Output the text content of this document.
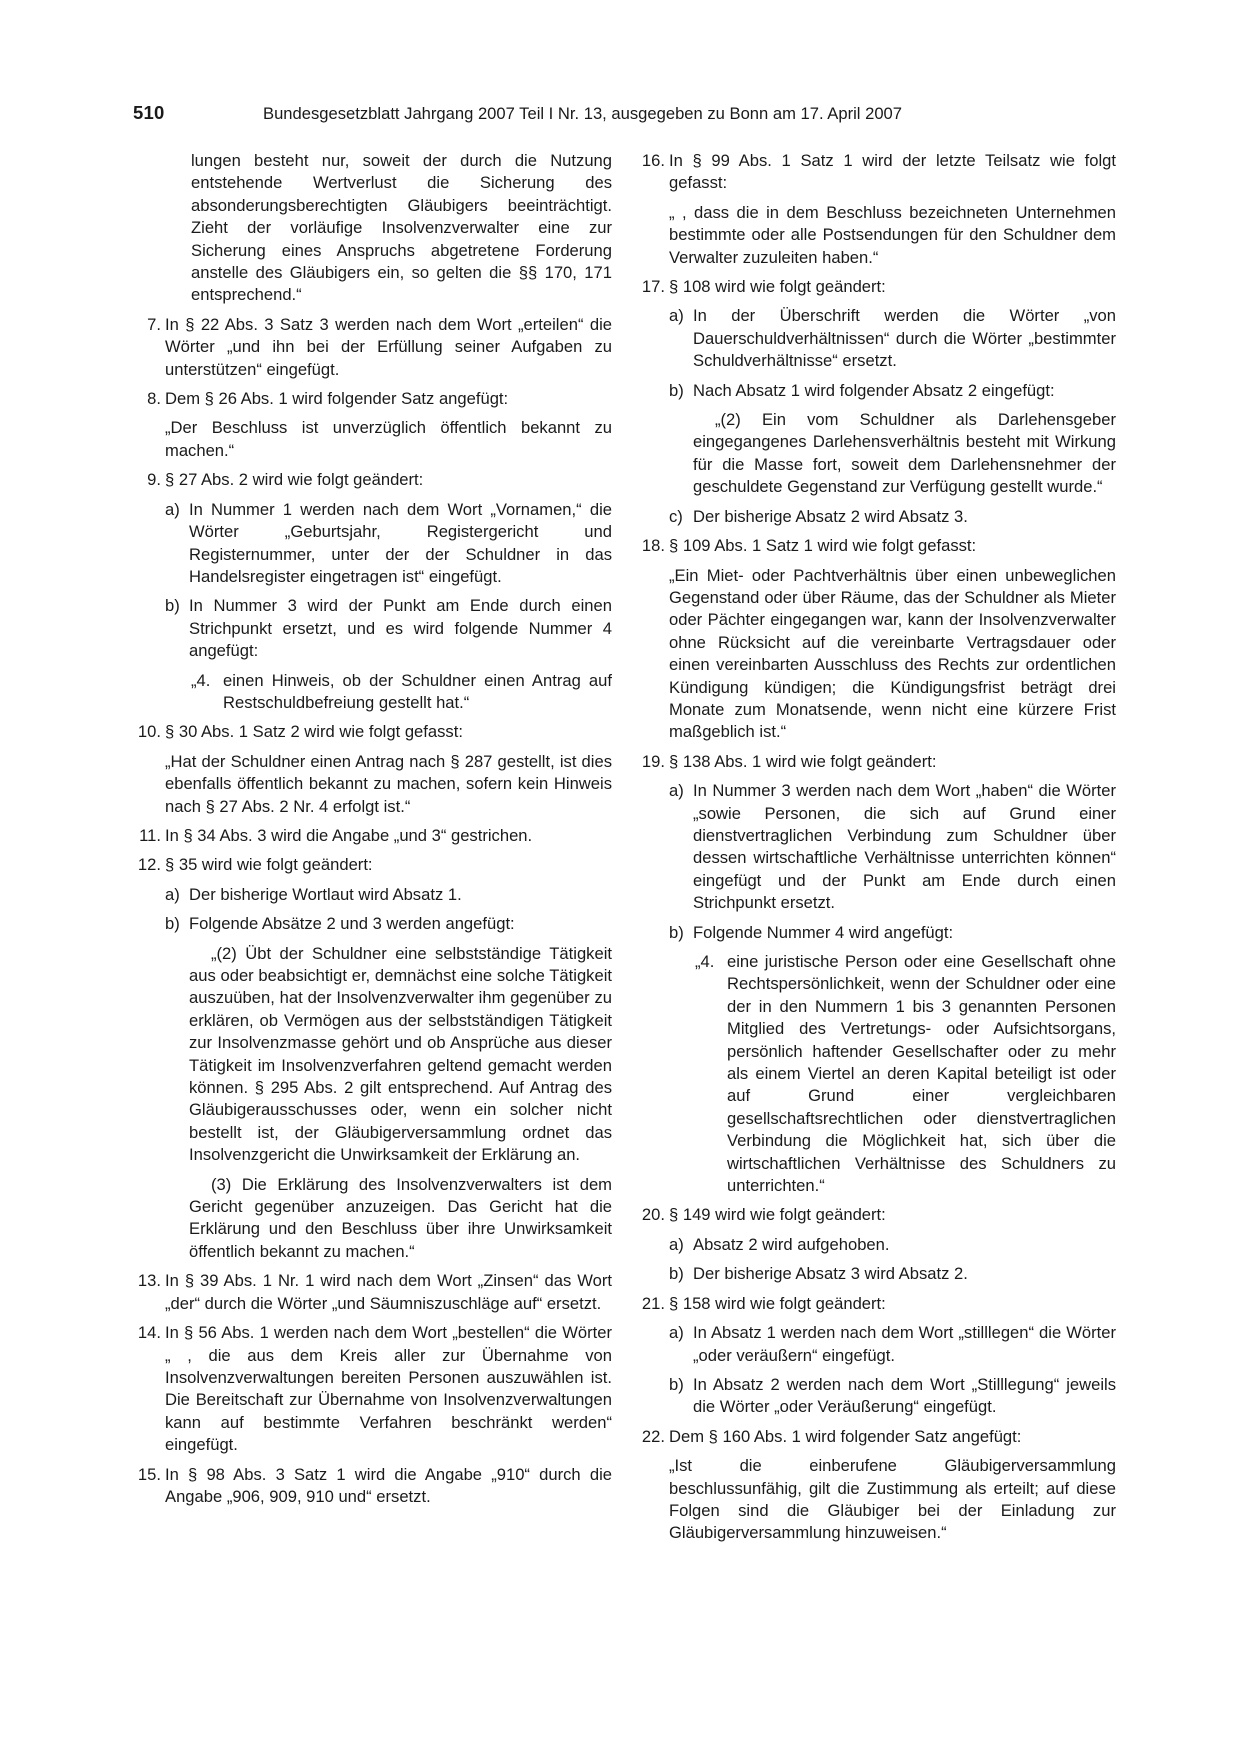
510	Bundesgesetzblatt Jahrgang 2007 Teil I Nr. 13, ausgegeben zu Bonn am 17. April 2007

lungen besteht nur, soweit der durch die Nutzung entstehende Wertverlust die Sicherung des absonderungsberechtigten Gläubigers beeinträchtigt. Zieht der vorläufige Insolvenzverwalter eine zur Sicherung eines Anspruchs abgetretene Forderung anstelle des Gläubigers ein, so gelten die §§ 170, 171 entsprechend.“

7. In § 22 Abs. 3 Satz 3 werden nach dem Wort „erteilen“ die Wörter „und ihn bei der Erfüllung seiner Aufgaben zu unterstützen“ eingefügt.

8. Dem § 26 Abs. 1 wird folgender Satz angefügt:

„Der Beschluss ist unverzüglich öffentlich bekannt zu machen.“

9. § 27 Abs. 2 wird wie folgt geändert:

a) In Nummer 1 werden nach dem Wort „Vornamen,“ die Wörter „Geburtsjahr, Registergericht und Registernummer, unter der der Schuldner in das Handelsregister eingetragen ist“ eingefügt.

b) In Nummer 3 wird der Punkt am Ende durch einen Strichpunkt ersetzt, und es wird folgende Nummer 4 angefügt:

„4. einen Hinweis, ob der Schuldner einen Antrag auf Restschuldbefreiung gestellt hat.“

10. § 30 Abs. 1 Satz 2 wird wie folgt gefasst:

„Hat der Schuldner einen Antrag nach § 287 gestellt, ist dies ebenfalls öffentlich bekannt zu machen, sofern kein Hinweis nach § 27 Abs. 2 Nr. 4 erfolgt ist.“

11. In § 34 Abs. 3 wird die Angabe „und 3“ gestrichen.

12. § 35 wird wie folgt geändert:

a) Der bisherige Wortlaut wird Absatz 1.

b) Folgende Absätze 2 und 3 werden angefügt:

„(2) Übt der Schuldner eine selbstständige Tätigkeit aus oder beabsichtigt er, demnächst eine solche Tätigkeit auszuüben, hat der Insolvenzverwalter ihm gegenüber zu erklären, ob Vermögen aus der selbstständigen Tätigkeit zur Insolvenzmasse gehört und ob Ansprüche aus dieser Tätigkeit im Insolvenzverfahren geltend gemacht werden können. § 295 Abs. 2 gilt entsprechend. Auf Antrag des Gläubigerausschusses oder, wenn ein solcher nicht bestellt ist, der Gläubigerversammlung ordnet das Insolvenzgericht die Unwirksamkeit der Erklärung an.

(3) Die Erklärung des Insolvenzverwalters ist dem Gericht gegenüber anzuzeigen. Das Gericht hat die Erklärung und den Beschluss über ihre Unwirksamkeit öffentlich bekannt zu machen.“

13. In § 39 Abs. 1 Nr. 1 wird nach dem Wort „Zinsen“ das Wort „der“ durch die Wörter „und Säumniszuschläge auf“ ersetzt.

14. In § 56 Abs. 1 werden nach dem Wort „bestellen“ die Wörter „ , die aus dem Kreis aller zur Übernahme von Insolvenzverwaltungen bereiten Personen auszuwählen ist. Die Bereitschaft zur Übernahme von Insolvenzverwaltungen kann auf bestimmte Verfahren beschränkt werden“ eingefügt.

15. In § 98 Abs. 3 Satz 1 wird die Angabe „910“ durch die Angabe „906, 909, 910 und“ ersetzt.

16. In § 99 Abs. 1 Satz 1 wird der letzte Teilsatz wie folgt gefasst:

„ , dass die in dem Beschluss bezeichneten Unternehmen bestimmte oder alle Postsendungen für den Schuldner dem Verwalter zuzuleiten haben.“

17. § 108 wird wie folgt geändert:

a) In der Überschrift werden die Wörter „von Dauerschuldverhältnissen“ durch die Wörter „bestimmter Schuldverhältnisse“ ersetzt.

b) Nach Absatz 1 wird folgender Absatz 2 eingefügt:

„(2) Ein vom Schuldner als Darlehensgeber eingegangenes Darlehensverhältnis besteht mit Wirkung für die Masse fort, soweit dem Darlehensnehmer der geschuldete Gegenstand zur Verfügung gestellt wurde.“

c) Der bisherige Absatz 2 wird Absatz 3.

18. § 109 Abs. 1 Satz 1 wird wie folgt gefasst:

„Ein Miet- oder Pachtverhältnis über einen unbeweglichen Gegenstand oder über Räume, das der Schuldner als Mieter oder Pächter eingegangen war, kann der Insolvenzverwalter ohne Rücksicht auf die vereinbarte Vertragsdauer oder einen vereinbarten Ausschluss des Rechts zur ordentlichen Kündigung kündigen; die Kündigungsfrist beträgt drei Monate zum Monatsende, wenn nicht eine kürzere Frist maßgeblich ist.“

19. § 138 Abs. 1 wird wie folgt geändert:

a) In Nummer 3 werden nach dem Wort „haben“ die Wörter „sowie Personen, die sich auf Grund einer dienstvertraglichen Verbindung zum Schuldner über dessen wirtschaftliche Verhältnisse unterrichten können“ eingefügt und der Punkt am Ende durch einen Strichpunkt ersetzt.

b) Folgende Nummer 4 wird angefügt:

„4. eine juristische Person oder eine Gesellschaft ohne Rechtspersönlichkeit, wenn der Schuldner oder eine der in den Nummern 1 bis 3 genannten Personen Mitglied des Vertretungs- oder Aufsichtsorgans, persönlich haftender Gesellschafter oder zu mehr als einem Viertel an deren Kapital beteiligt ist oder auf Grund einer vergleichbaren gesellschaftsrechtlichen oder dienstvertraglichen Verbindung die Möglichkeit hat, sich über die wirtschaftlichen Verhältnisse des Schuldners zu unterrichten.“

20. § 149 wird wie folgt geändert:

a) Absatz 2 wird aufgehoben.

b) Der bisherige Absatz 3 wird Absatz 2.

21. § 158 wird wie folgt geändert:

a) In Absatz 1 werden nach dem Wort „stilllegen“ die Wörter „oder veräußern“ eingefügt.

b) In Absatz 2 werden nach dem Wort „Stilllegung“ jeweils die Wörter „oder Veräußerung“ eingefügt.

22. Dem § 160 Abs. 1 wird folgender Satz angefügt:

„Ist die einberufene Gläubigerversammlung beschlussunfähig, gilt die Zustimmung als erteilt; auf diese Folgen sind die Gläubiger bei der Einladung zur Gläubigerversammlung hinzuweisen.“
